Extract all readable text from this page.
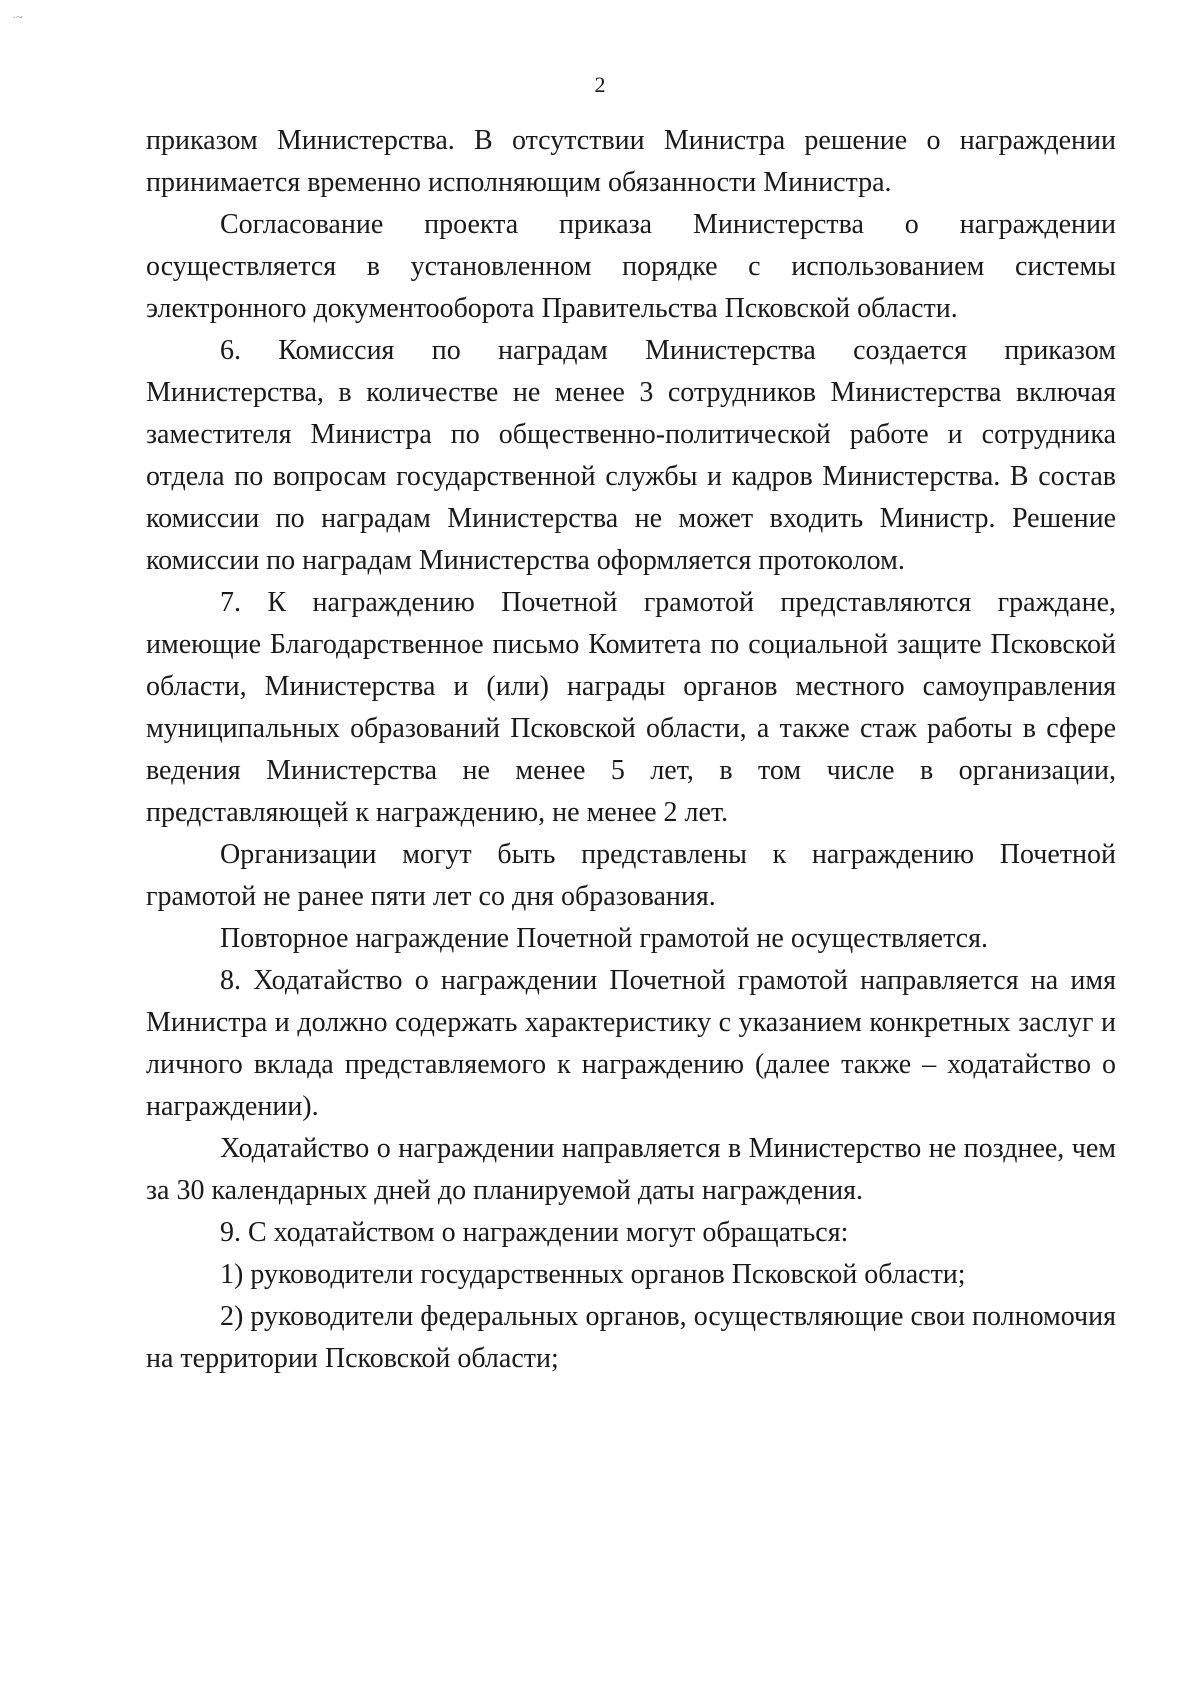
·~
2

приказом Министерства. В отсутствии Министра решение о награждении принимается временно исполняющим обязанности Министра.

Согласование проекта приказа Министерства о награждении осуществляется в установленном порядке с использованием системы электронного документооборота Правительства Псковской области.

6. Комиссия по наградам Министерства создается приказом Министерства, в количестве не менее 3 сотрудников Министерства включая заместителя Министра по общественно-политической работе и сотрудника отдела по вопросам государственной службы и кадров Министерства. В состав комиссии по наградам Министерства не может входить Министр. Решение комиссии по наградам Министерства оформляется протоколом.

7. К награждению Почетной грамотой представляются граждане, имеющие Благодарственное письмо Комитета по социальной защите Псковской области, Министерства и (или) награды органов местного самоуправления муниципальных образований Псковской области, а также стаж работы в сфере ведения Министерства не менее 5 лет, в том числе в организации, представляющей к награждению, не менее 2 лет.

Организации могут быть представлены к награждению Почетной грамотой не ранее пяти лет со дня образования.

Повторное награждение Почетной грамотой не осуществляется.

8. Ходатайство о награждении Почетной грамотой направляется на имя Министра и должно содержать характеристику с указанием конкретных заслуг и личного вклада представляемого к награждению (далее также – ходатайство о награждении).

Ходатайство о награждении направляется в Министерство не позднее, чем за 30 календарных дней до планируемой даты награждения.

9. С ходатайством о награждении могут обращаться:

1) руководители государственных органов Псковской области;

2) руководители федеральных органов, осуществляющие свои полномочия на территории Псковской области;
